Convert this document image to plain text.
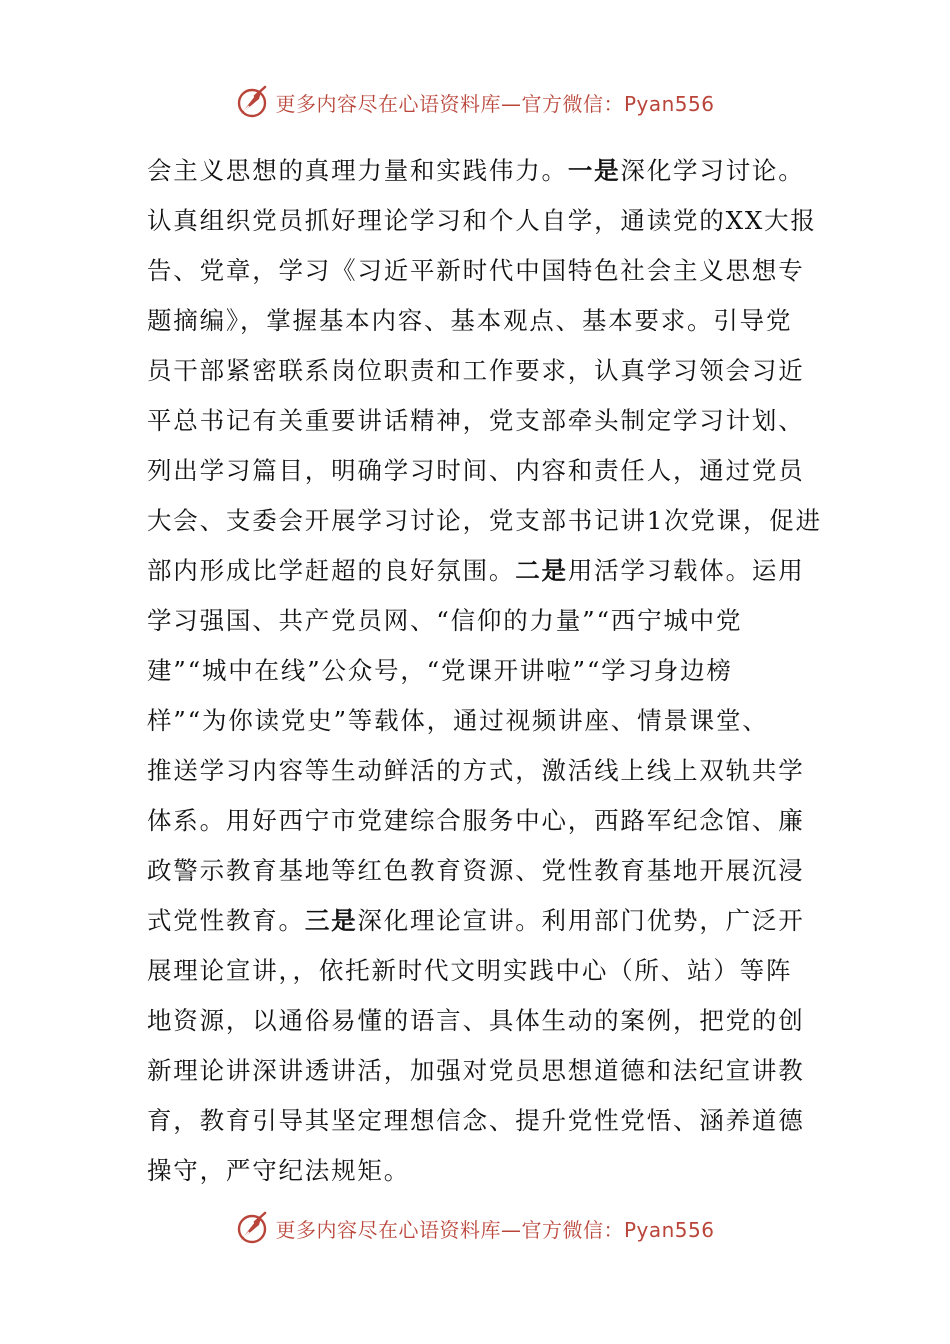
更多内容尽在心语资料库—官方微信：Pyan556
会主义思想的真理力量和实践伟力。一是深化学习讨论。
认真组织党员抓好理论学习和个人自学，通读党的XX大报
告、党章，学习《习近平新时代中国特色社会主义思想专
题摘编》，掌握基本内容、基本观点、基本要求。引导党
员干部紧密联系岗位职责和工作要求，认真学习领会习近
平总书记有关重要讲话精神，党支部牵头制定学习计划、
列出学习篇目，明确学习时间、内容和责任人，通过党员
大会、支委会开展学习讨论，党支部书记讲1次党课，促进
部内形成比学赶超的良好氛围。二是用活学习载体。运用
学习强国、共产党员网、“信仰的力量”“西宁城中党
建”“城中在线”公众号，“党课开讲啦”“学习身边榜
样”“为你读党史”等载体，通过视频讲座、情景课堂、
推送学习内容等生动鲜活的方式，激活线上线上双轨共学
体系。用好西宁市党建综合服务中心，西路军纪念馆、廉
政警示教育基地等红色教育资源、党性教育基地开展沉浸
式党性教育。三是深化理论宣讲。利用部门优势，广泛开
展理论宣讲，，依托新时代文明实践中心（所、站）等阵
地资源，以通俗易懂的语言、具体生动的案例，把党的创
新理论讲深讲透讲活，加强对党员思想道德和法纪宣讲教
育，教育引导其坚定理想信念、提升党性党悟、涵养道德
操守，严守纪法规矩。
更多内容尽在心语资料库—官方微信：Pyan556
